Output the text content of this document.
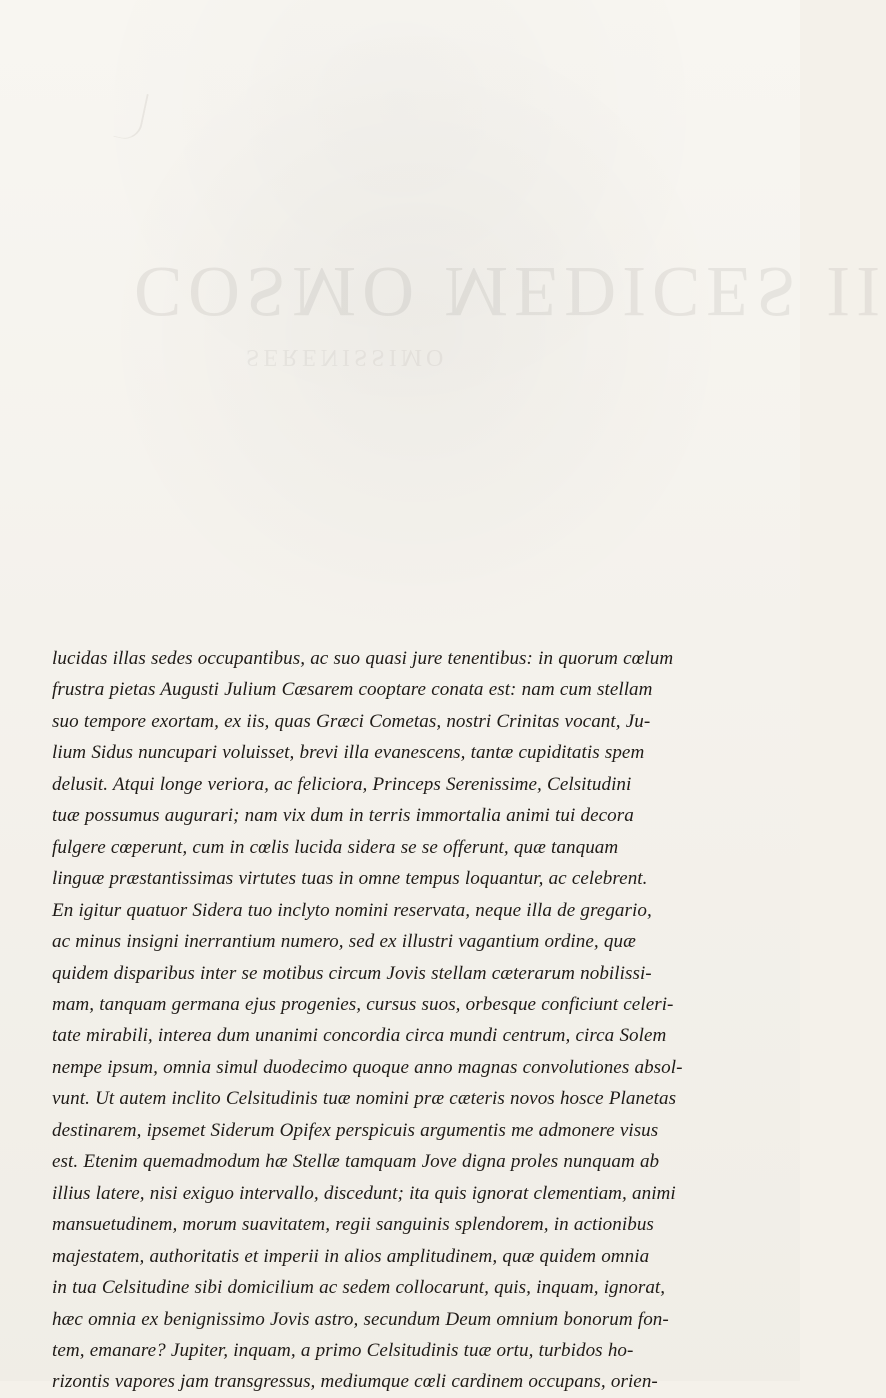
COSMO MEDICES II
SERENISSIMO
lucidas illas sedes occupantibus, ac suo quasi jure tenentibus: in quorum cœlum
frustra pietas Augusti Julium Cæsarem cooptare conata est: nam cum stellam
suo tempore exortam, ex iis, quas Græci Cometas, nostri Crinitas vocant, Ju-
lium Sidus nuncupari voluisset, brevi illa evanescens, tantæ cupiditatis spem
delusit. Atqui longe veriora, ac feliciora, Princeps Serenissime, Celsitudini
tuæ possumus augurari; nam vix dum in terris immortalia animi tui decora
fulgere cœperunt, cum in cœlis lucida sidera se se offerunt, quæ tanquam
linguæ præstantissimas virtutes tuas in omne tempus loquantur, ac celebrent.
En igitur quatuor Sidera tuo inclyto nomini reservata, neque illa de gregario,
ac minus insigni inerrantium numero, sed ex illustri vagantium ordine, quæ
quidem disparibus inter se motibus circum Jovis stellam cæterarum nobilissi-
mam, tanquam germana ejus progenies, cursus suos, orbesque conficiunt celeri-
tate mirabili, interea dum unanimi concordia circa mundi centrum, circa Solem
nempe ipsum, omnia simul duodecimo quoque anno magnas convolutiones absol-
vunt. Ut autem inclito Celsitudinis tuæ nomini præ cæteris novos hosce Planetas
destinarem, ipsemet Siderum Opifex perspicuis argumentis me admonere visus
est. Etenim quemadmodum hæ Stellæ tamquam Jove digna proles nunquam ab
illius latere, nisi exiguo intervallo, discedunt; ita quis ignorat clementiam, animi
mansuetudinem, morum suavitatem, regii sanguinis splendorem, in actionibus
majestatem, authoritatis et imperii in alios amplitudinem, quæ quidem omnia
in tua Celsitudine sibi domicilium ac sedem collocarunt, quis, inquam, ignorat,
hæc omnia ex benignissimo Jovis astro, secundum Deum omnium bonorum fon-
tem, emanare? Jupiter, inquam, a primo Celsitudinis tuæ ortu, turbidos ho-
rizontis vapores jam transgressus, mediumque cœli cardinem occupans, orien-
